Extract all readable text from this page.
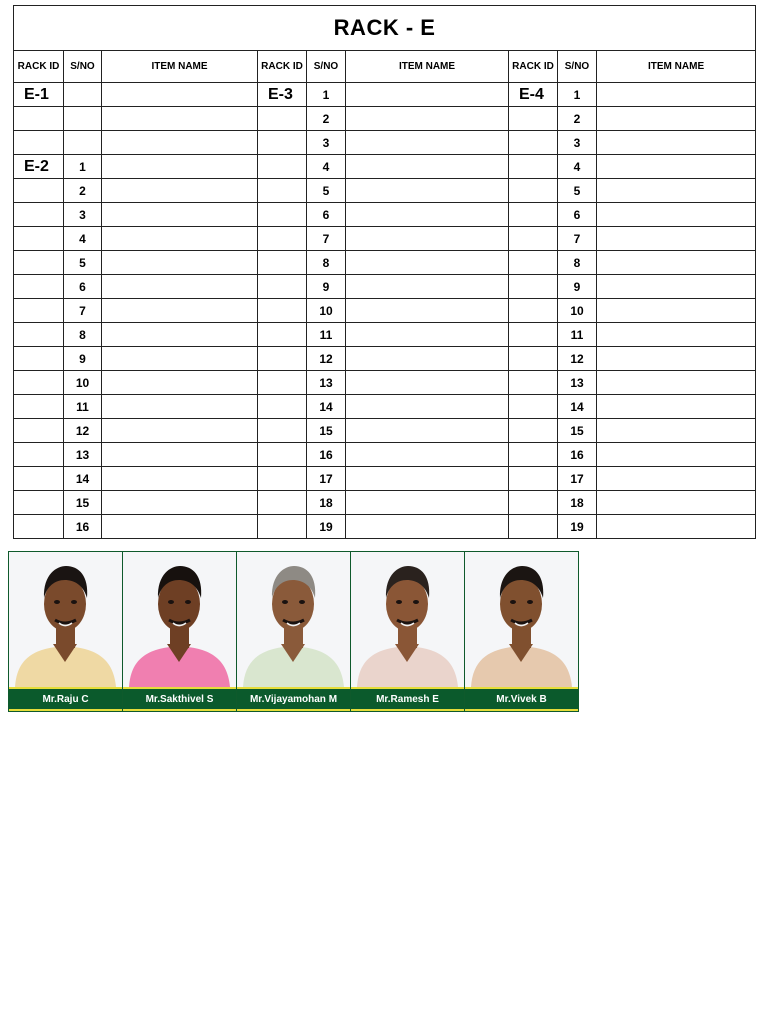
RACK - E								
RACK ID	S/NO	ITEM NAME	RACK ID	S/NO	ITEM NAME	RACK ID	S/NO	ITEM NAME
E-1			E-3	1		E-4	1	
				2			2	
				3			3	
E-2	1			4			4	
	2			5			5	
	3			6			6	
	4			7			7	
	5			8			8	
	6			9			9	
	7			10			10	
	8			11			11	
	9			12			12	
	10			13			13	
	11			14			14	
	12			15			15	
	13			16			16	
	14			17			17	
	15			18			18	
	16			19			19	
Mr.Raju C	Mr.Sakthivel S	Mr.Vijayamohan M	Mr.Ramesh E	Mr.Vivek B
